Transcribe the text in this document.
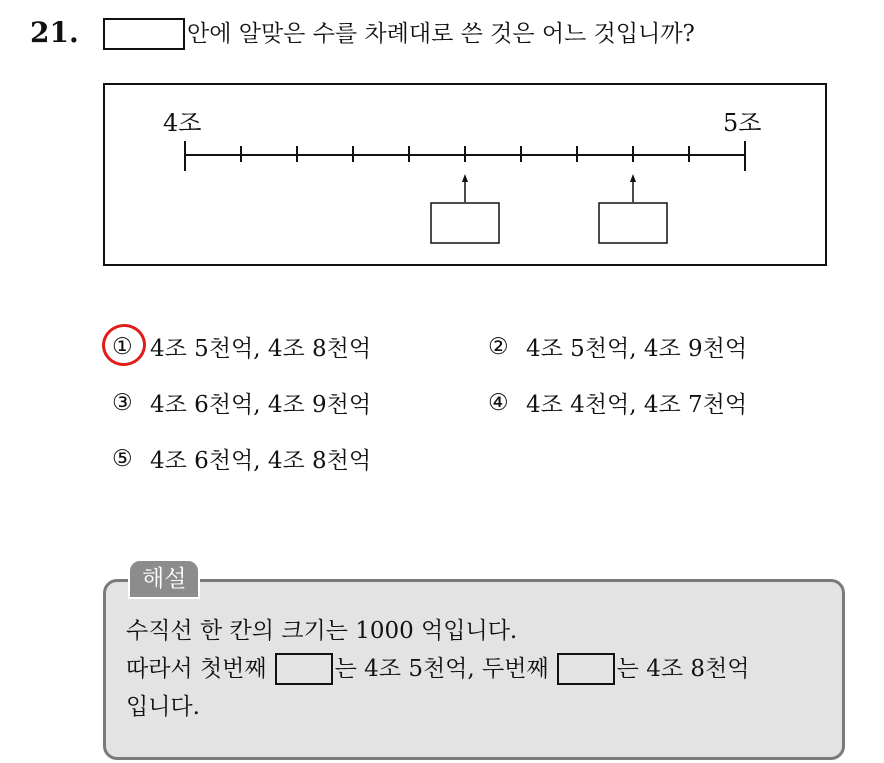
21.	안에 알맞은 수를 차례대로 쓴 것은 어느 것입니까?
4조	5조
① 4조 5천억, 4조 8천억	② 4조 5천억, 4조 9천억
③ 4조 6천억, 4조 9천억	④ 4조 4천억, 4조 7천억
⑤ 4조 6천억, 4조 8천억
해설
수직선 한 칸의 크기는 1000 억입니다.
따라서 첫번째	는 4조 5천억, 두번째	는 4조 8천억
입니다.
